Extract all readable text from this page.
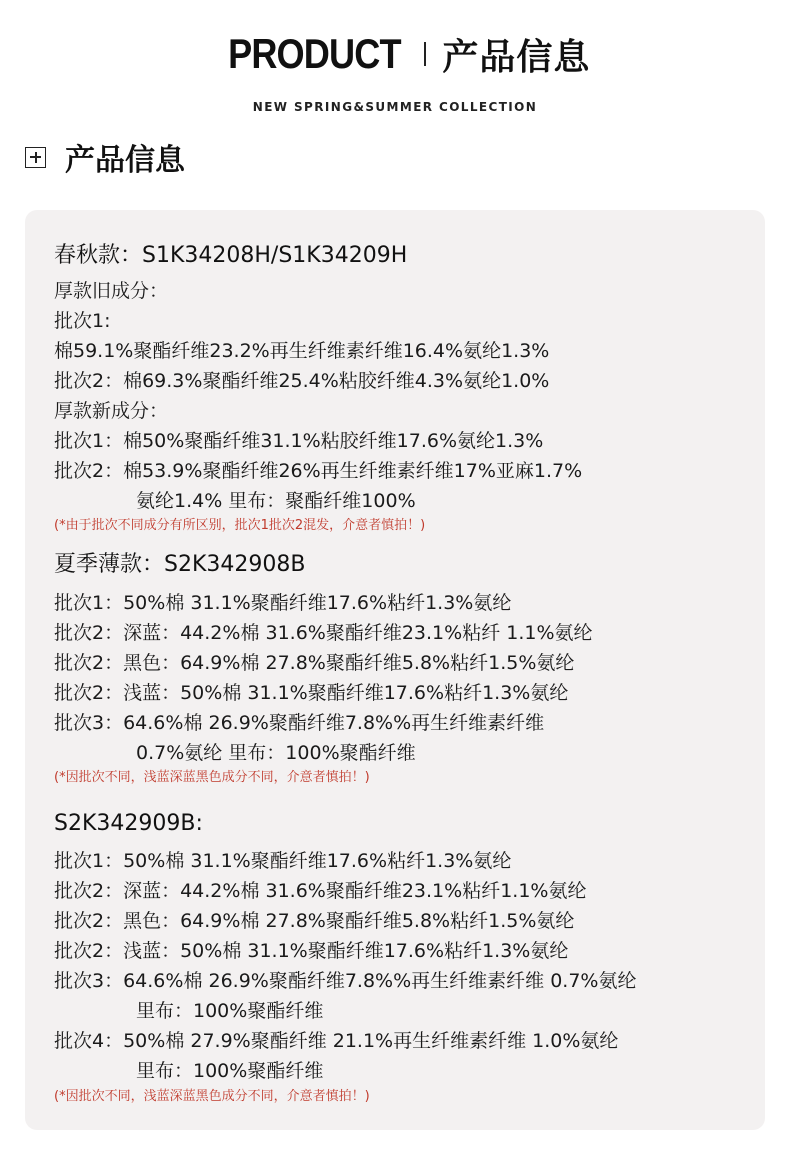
PRODUCT 产品信息
NEW SPRING&SUMMER COLLECTION
产品信息
春秋款：S1K34208H/S1K34209H
厚款旧成分：
批次1:
棉59.1%聚酯纤维23.2%再生纤维素纤维16.4%氨纶1.3%
批次2：棉69.3%聚酯纤维25.4%粘胶纤维4.3%氨纶1.0%
厚款新成分：
批次1：棉50%聚酯纤维31.1%粘胶纤维17.6%氨纶1.3%
批次2：棉53.9%聚酯纤维26%再生纤维素纤维17%亚麻1.7%
氨纶1.4% 里布：聚酯纤维100%
(*由于批次不同成分有所区别，批次1批次2混发，介意者慎拍！)
夏季薄款：S2K342908B
批次1：50%棉 31.1%聚酯纤维17.6%粘纤1.3%氨纶
批次2：深蓝：44.2%棉 31.6%聚酯纤维23.1%粘纤 1.1%氨纶
批次2：黑色：64.9%棉 27.8%聚酯纤维5.8%粘纤1.5%氨纶
批次2：浅蓝：50%棉 31.1%聚酯纤维17.6%粘纤1.3%氨纶
批次3：64.6%棉 26.9%聚酯纤维7.8%%再生纤维素纤维
0.7%氨纶 里布：100%聚酯纤维
(*因批次不同，浅蓝深蓝黑色成分不同，介意者慎拍！)
S2K342909B:
批次1：50%棉 31.1%聚酯纤维17.6%粘纤1.3%氨纶
批次2：深蓝：44.2%棉 31.6%聚酯纤维23.1%粘纤1.1%氨纶
批次2：黑色：64.9%棉 27.8%聚酯纤维5.8%粘纤1.5%氨纶
批次2：浅蓝：50%棉 31.1%聚酯纤维17.6%粘纤1.3%氨纶
批次3：64.6%棉 26.9%聚酯纤维7.8%%再生纤维素纤维 0.7%氨纶
里布：100%聚酯纤维
批次4：50%棉 27.9%聚酯纤维 21.1%再生纤维素纤维 1.0%氨纶
里布：100%聚酯纤维
(*因批次不同，浅蓝深蓝黑色成分不同，介意者慎拍！)
